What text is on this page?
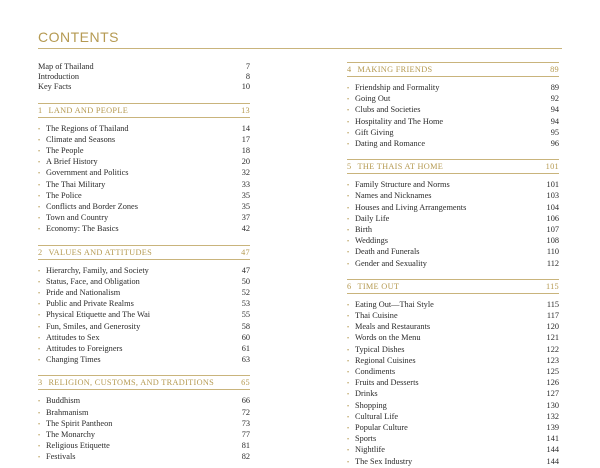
CONTENTS
Map of Thailand	7
Introduction	8
Key Facts	10
1 LAND AND PEOPLE	13
• The Regions of Thailand	14
• Climate and Seasons	17
• The People	18
• A Brief History	20
• Government and Politics	32
• The Thai Military	33
• The Police	35
• Conflicts and Border Zones	35
• Town and Country	37
• Economy: The Basics	42
2 VALUES AND ATTITUDES	47
• Hierarchy, Family, and Society	47
• Status, Face, and Obligation	50
• Pride and Nationalism	52
• Public and Private Realms	53
• Physical Etiquette and The Wai	55
• Fun, Smiles, and Generosity	58
• Attitudes to Sex	60
• Attitudes to Foreigners	61
• Changing Times	63
3 RELIGION, CUSTOMS, AND TRADITIONS	65
• Buddhism	66
• Brahmanism	72
• The Spirit Pantheon	73
• The Monarchy	77
• Religious Etiquette	81
• Festivals	82
4 MAKING FRIENDS	89
• Friendship and Formality	89
• Going Out	92
• Clubs and Societies	94
• Hospitality and The Home	94
• Gift Giving	95
• Dating and Romance	96
5 THE THAIS AT HOME	101
• Family Structure and Norms	101
• Names and Nicknames	103
• Houses and Living Arrangements	104
• Daily Life	106
• Birth	107
• Weddings	108
• Death and Funerals	110
• Gender and Sexuality	112
6 TIME OUT	115
• Eating Out—Thai Style	115
• Thai Cuisine	117
• Meals and Restaurants	120
• Words on the Menu	121
• Typical Dishes	122
• Regional Cuisines	123
• Condiments	125
• Fruits and Desserts	126
• Drinks	127
• Shopping	130
• Cultural Life	132
• Popular Culture	139
• Sports	141
• Nightlife	144
• The Sex Industry	144
